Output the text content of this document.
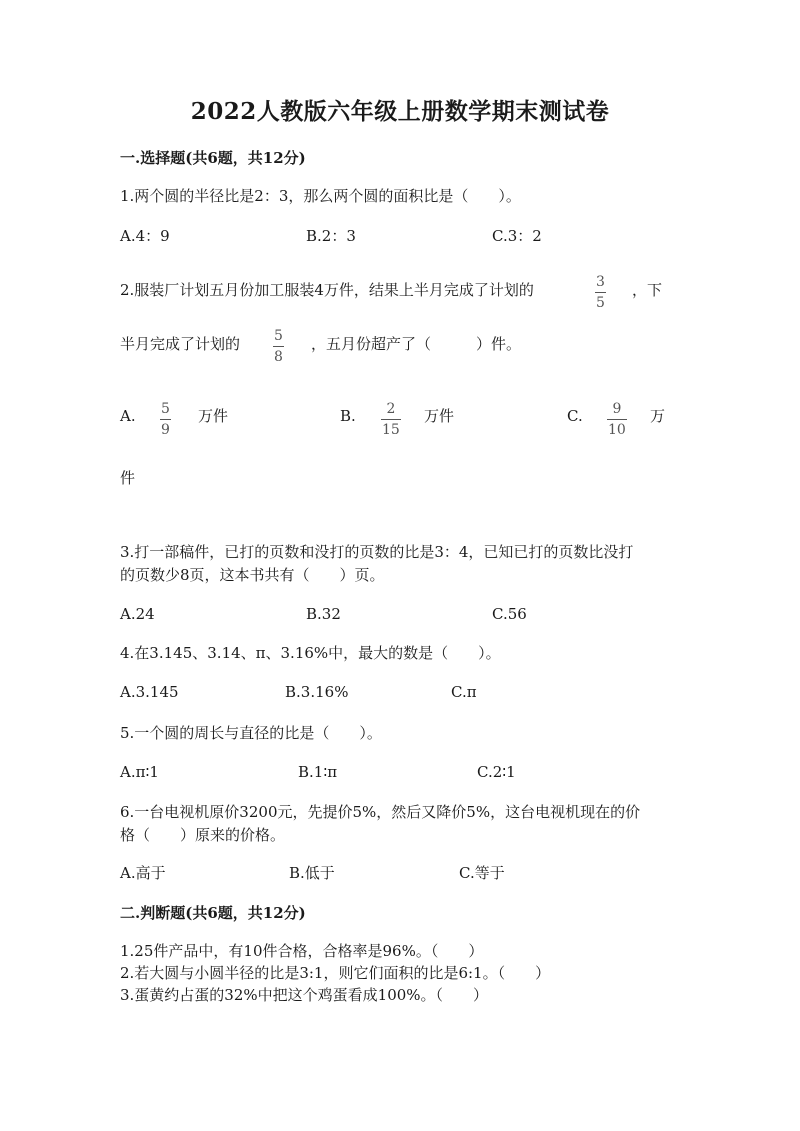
2022人教版六年级上册数学期末测试卷
一.选择题(共6题，共12分)
1.两个圆的半径比是2：3，那么两个圆的面积比是（　　）。
A.4：9	B.2：3	C.3：2
2.服装厂计划五月份加工服装4万件，结果上半月完成了计划的	3
5
，下
半月完成了计划的 5
8
，五月份超产了（　　　）件。
A. 5
9
万件	B. 2
15
万件	C. 9
10
万
件
3.打一部稿件，已打的页数和没打的页数的比是3：4，已知已打的页数比没打
的页数少8页，这本书共有（　　）页。
A.24	B.32	C.56
4.在3.145、3.14、π、3.16%中，最大的数是（　　）。
A.3.145	B.3.16%	C.π
5.一个圆的周长与直径的比是（　　）。
A.π∶1	B.1∶π	C.2∶1
6.一台电视机原价3200元，先提价5%，然后又降价5%，这台电视机现在的价
格（　　）原来的价格。
A.高于	B.低于	C.等于
二.判断题(共6题，共12分)
1.25件产品中，有10件合格，合格率是96%。（　　）
2.若大圆与小圆半径的比是3:1，则它们面积的比是6:1。（　　）
3.蛋黄约占蛋的32%中把这个鸡蛋看成100%。（　　）
